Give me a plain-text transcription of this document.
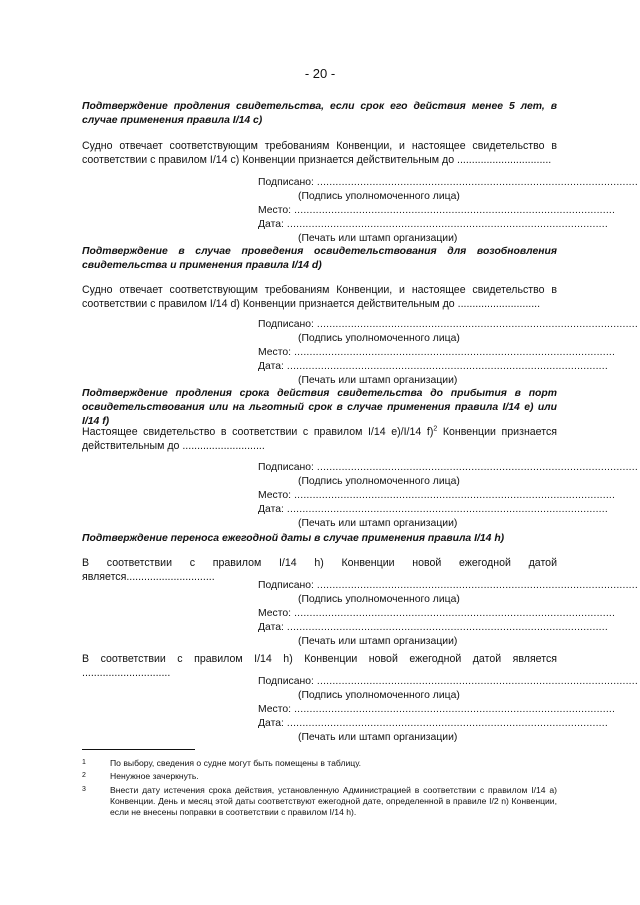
- 20 -
Подтверждение продления свидетельства, если срок его действия менее 5 лет, в случае применения правила I/14 c)
Судно отвечает соответствующим требованиям Конвенции, и настоящее свидетельство в соответствии с правилом I/14 c) Конвенции признается действительным до ................................
Подписано: ........................................................................................................
(Подпись уполномоченного лица)
Место: ........................................................................................................
Дата: ........................................................................................................
(Печать или штамп организации)
Подтверждение в случае проведения освидетельствования для возобновления свидетельства и применения правила I/14 d)
Судно отвечает соответствующим требованиям Конвенции, и настоящее свидетельство в соответствии с правилом I/14 d) Конвенции признается действительным до ............................
Подписано: ........................................................................................................
(Подпись уполномоченного лица)
Место: ........................................................................................................
Дата: ........................................................................................................
(Печать или штамп организации)
Подтверждение продления срока действия свидетельства до прибытия в порт освидетельствования или на льготный срок в случае применения правила I/14 e) или I/14 f)
Настоящее свидетельство в соответствии с правилом I/14 e)/I/14 f)$^2$ Конвенции признается действительным до ............................
Подписано: ........................................................................................................
(Подпись уполномоченного лица)
Место: ........................................................................................................
Дата: ........................................................................................................
(Печать или штамп организации)
Подтверждение переноса ежегодной даты в случае применения правила I/14 h)
В соответствии с правилом I/14 h) Конвенции новой ежегодной датой является..............................
Подписано: ........................................................................................................
(Подпись уполномоченного лица)
Место: ........................................................................................................
Дата: ........................................................................................................
(Печать или штамп организации)
В соответствии с правилом I/14 h) Конвенции новой ежегодной датой является ..............................
Подписано: ........................................................................................................
(Подпись уполномоченного лица)
Место: ........................................................................................................
Дата: ........................................................................................................
(Печать или штамп организации)
1	По выбору, сведения о судне могут быть помещены в таблицу.
2	Ненужное зачеркнуть.
3	Внести дату истечения срока действия, установленную Администрацией в соответствии с правилом I/14 a) Конвенции. День и месяц этой даты соответствуют ежегодной дате, определенной в правиле I/2 n) Конвенции, если не внесены поправки в соответствии с правилом I/14 h).
